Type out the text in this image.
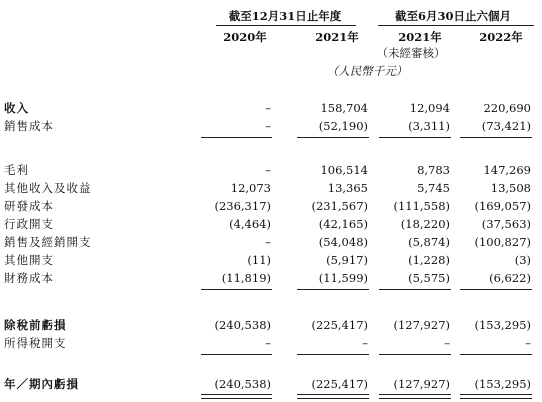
截至12月31日止年度	截至6月30日止六個月
2020年	2021年	2021年	2022年
（未經審核）
（人民幣千元）
收入	–	158,704	12,094	220,690
銷售成本	–	(52,190)	(3,311)	(73,421)
毛利	–	106,514	8,783	147,269
其他收入及收益	12,073	13,365	5,745	13,508
研發成本	(236,317)	(231,567) (111,558) (169,057)
行政開支	(4,464)	(42,165)	(18,220)	(37,563)
銷售及經銷開支	–	(54,048)	(5,874) (100,827)
其他開支	(11)	(5,917)	(1,228)	(3)
財務成本	(11,819)	(11,599)	(5,575)	(6,622)
除稅前虧損	(240,538)	(225,417) (127,927) (153,295)
所得稅開支	–	–	–	–
年／期內虧損	(240,538)	(225,417) (127,927) (153,295)
